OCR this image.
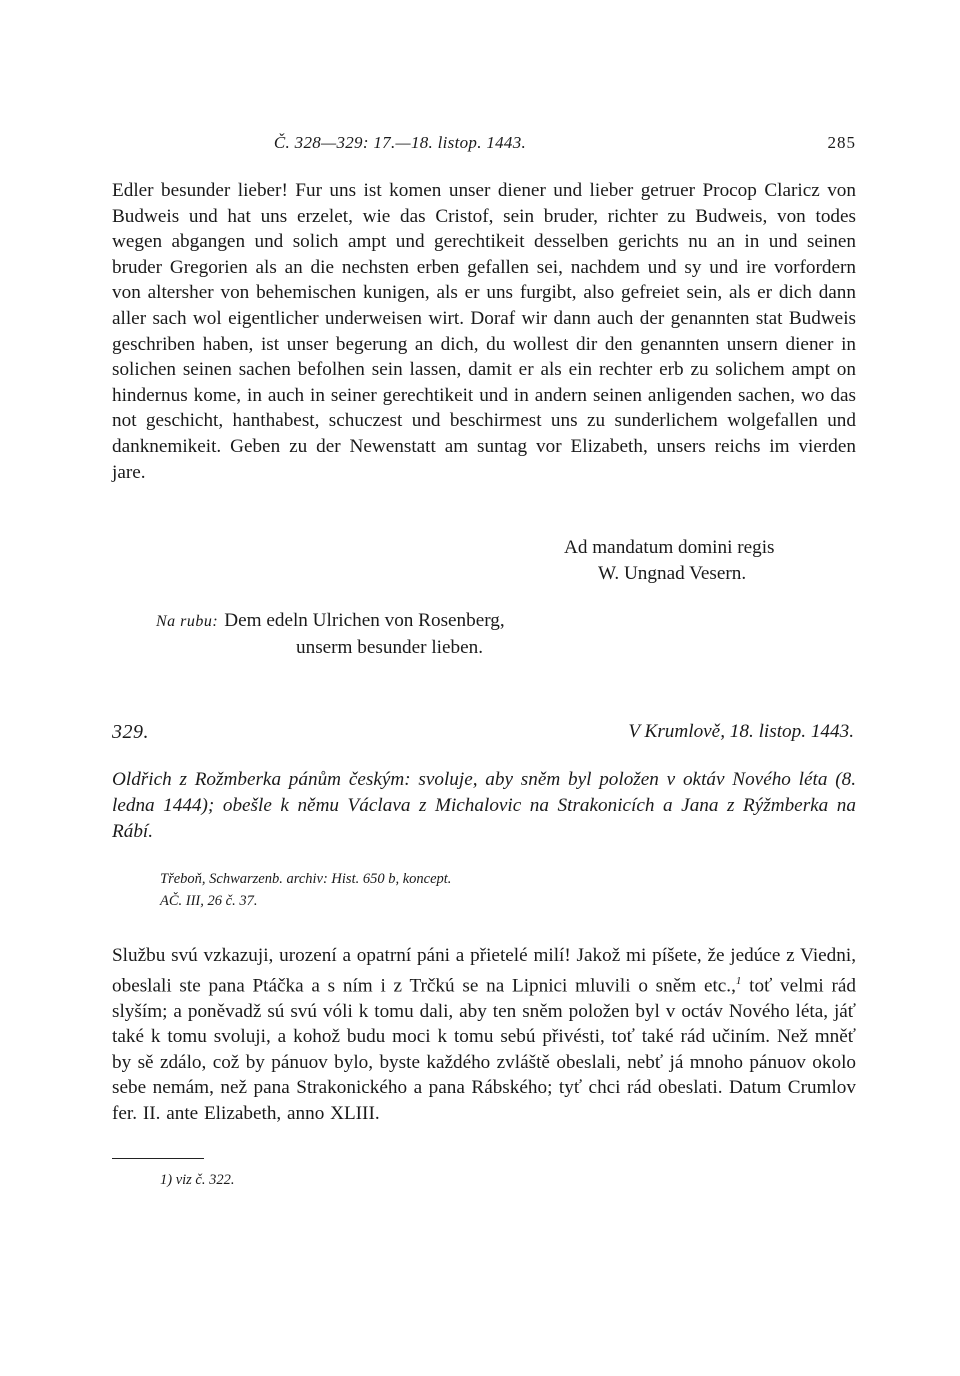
Č. 328—329: 17.—18. listop. 1443.	285

Edler besunder lieber! Fur uns ist komen unser diener und lieber getruer Procop Claricz von Budweis und hat uns erzelet, wie das Cristof, sein bruder, richter zu Budweis, von todes wegen abgangen und solich ampt und gerechtikeit desselben gerichts nu an in und seinen bruder Gregorien als an die nechsten erben gefallen sei, nachdem und sy und ire vorfordern von altersher von behemischen kunigen, als er uns furgibt, also gefreiet sein, als er dich dann aller sach wol eigentlicher underweisen wirt. Doraf wir dann auch der genannten stat Budweis geschriben haben, ist unser begerung an dich, du wollest dir den genannten unsern diener in solichen seinen sachen befolhen sein lassen, damit er als ein rechter erb zu solichem ampt on hindernus kome, in auch in seiner gerechtikeit und in andern seinen anligenden sachen, wo das not geschicht, hanthabest, schuczest und beschirmest uns zu sunderlichem wolgefallen und danknemikeit. Geben zu der Newenstatt am suntag vor Elizabeth, unsers reichs im vierden jare.

Ad mandatum domini regis
W. Ungnad Vesern.
Na rubu: Dem edeln Ulrichen von Rosenberg,
unserm besunder lieben.
329.	V Krumlově, 18. listop. 1443.

Oldřich z Rožmberka pánům českým: svoluje, aby sněm byl položen v oktáv Nového léta (8. ledna 1444); obešle k němu Václava z Michalovic na Strakonicích a Jana z Rýžmberka na Rábí.

Třeboň, Schwarzenb. archiv: Hist. 650 b, koncept.
AČ. III, 26 č. 37.

Službu svú vzkazuji, urození a opatrní páni a přietelé milí! Jakož mi píšete, že jedúce z Viedni, obeslali ste pana Ptáčka a s ním i z Trčkú se na Lipnici mluvili o sněm etc.,$^1$ toť velmi rád slyším; a poněvadž sú svú vóli k tomu dali, aby ten sněm položen byl v octáv Nového léta, jáť také k tomu svoluji, a kohož budu moci k tomu sebú přivésti, toť také rád učiním. Než mněť by sě zdálo, což by pánuov bylo, byste každého zvláště obeslali, nebť já mnoho pánuov okolo sebe nemám, než pana Strakonického a pana Rábského; tyť chci rád obeslati. Datum Crumlov fer. II. ante Elizabeth, anno XLIII.

1) viz č. 322.
